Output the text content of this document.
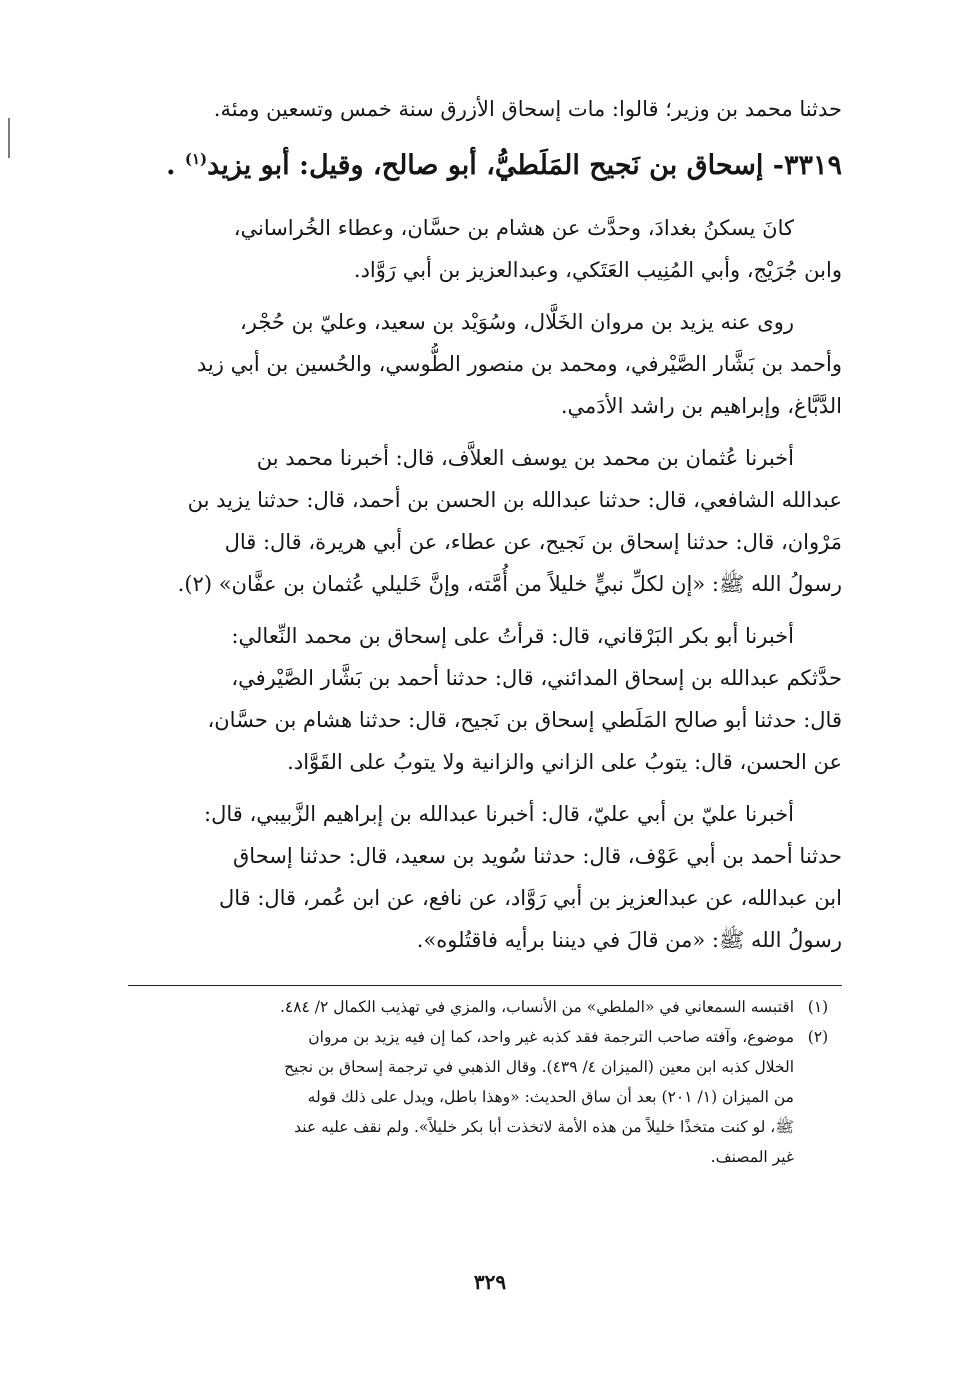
حدثنا محمد بن وزير؛ قالوا: مات إسحاق الأزرق سنة خمس وتسعين ومئة.
٣٣١٩- إسحاق بن نَجيح المَلَطيُّ، أبو صالح، وقيل: أبو يزيد$^{(١)}$ .
كانَ يسكنُ بغدادَ، وحدَّث عن هشام بن حسَّان، وعطاء الخُراساني،
وابن جُرَيْج، وأبي المُنِيب العَتَكي، وعبدالعزيز بن أبي رَوَّاد.
روى عنه يزيد بن مروان الخَلَّال، وسُوَيْد بن سعيد، وعليّ بن حُجْر،
وأحمد بن بَشَّار الصَّيْرفي، ومحمد بن منصور الطُّوسي، والحُسين بن أبي زيد
الدَّبَّاغ، وإبراهيم بن راشد الأدَمي.
أخبرنا عُثمان بن محمد بن يوسف العلاَّف، قال: أخبرنا محمد بن
عبدالله الشافعي، قال: حدثنا عبدالله بن الحسن بن أحمد، قال: حدثنا يزيد بن
مَرْوان، قال: حدثنا إسحاق بن نَجيح، عن عطاء، عن أبي هريرة، قال: قال
رسولُ الله ﷺ: «إن لكلِّ نبيٍّ خليلاً من أُمَّته، وإنَّ خَليلي عُثمان بن عفَّان» (٢).
أخبرنا أبو بكر البَرْقاني، قال: قرأتُ على إسحاق بن محمد النِّعالي:
حدَّثكم عبدالله بن إسحاق المدائني، قال: حدثنا أحمد بن بَشَّار الصَّيْرفي،
قال: حدثنا أبو صالح المَلَطي إسحاق بن نَجيح، قال: حدثنا هشام بن حسَّان،
عن الحسن، قال: يتوبُ على الزاني والزانية ولا يتوبُ على القَوَّاد.
أخبرنا عليّ بن أبي عليّ، قال: أخبرنا عبدالله بن إبراهيم الزَّبيبي، قال:
حدثنا أحمد بن أبي عَوْف، قال: حدثنا سُويد بن سعيد، قال: حدثنا إسحاق
ابن عبدالله، عن عبدالعزيز بن أبي رَوَّاد، عن نافع، عن ابن عُمر، قال: قال
رسولُ الله ﷺ: «من قالَ في ديننا برأيه فاقتُلوه».
(١)اقتبسه السمعاني في «الملطي» من الأنساب، والمزي في تهذيب الكمال ٢/ ٤٨٤.
(٢)موضوع، وآفته صاحب الترجمة فقد كذبه غير واحد، كما إن فيه يزيد بن مروان
الخلال كذبه ابن معين (الميزان ٤/ ٤٣٩). وقال الذهبي في ترجمة إسحاق بن نجيح
من الميزان (١/ ٢٠١) بعد أن ساق الحديث: «وهذا باطل، ويدل على ذلك قوله
ﷺ، لو كنت متخذًا خليلاً من هذه الأمة لاتخذت أبا بكر خليلاً». ولم نقف عليه عند
غير المصنف.
٣٢٩
